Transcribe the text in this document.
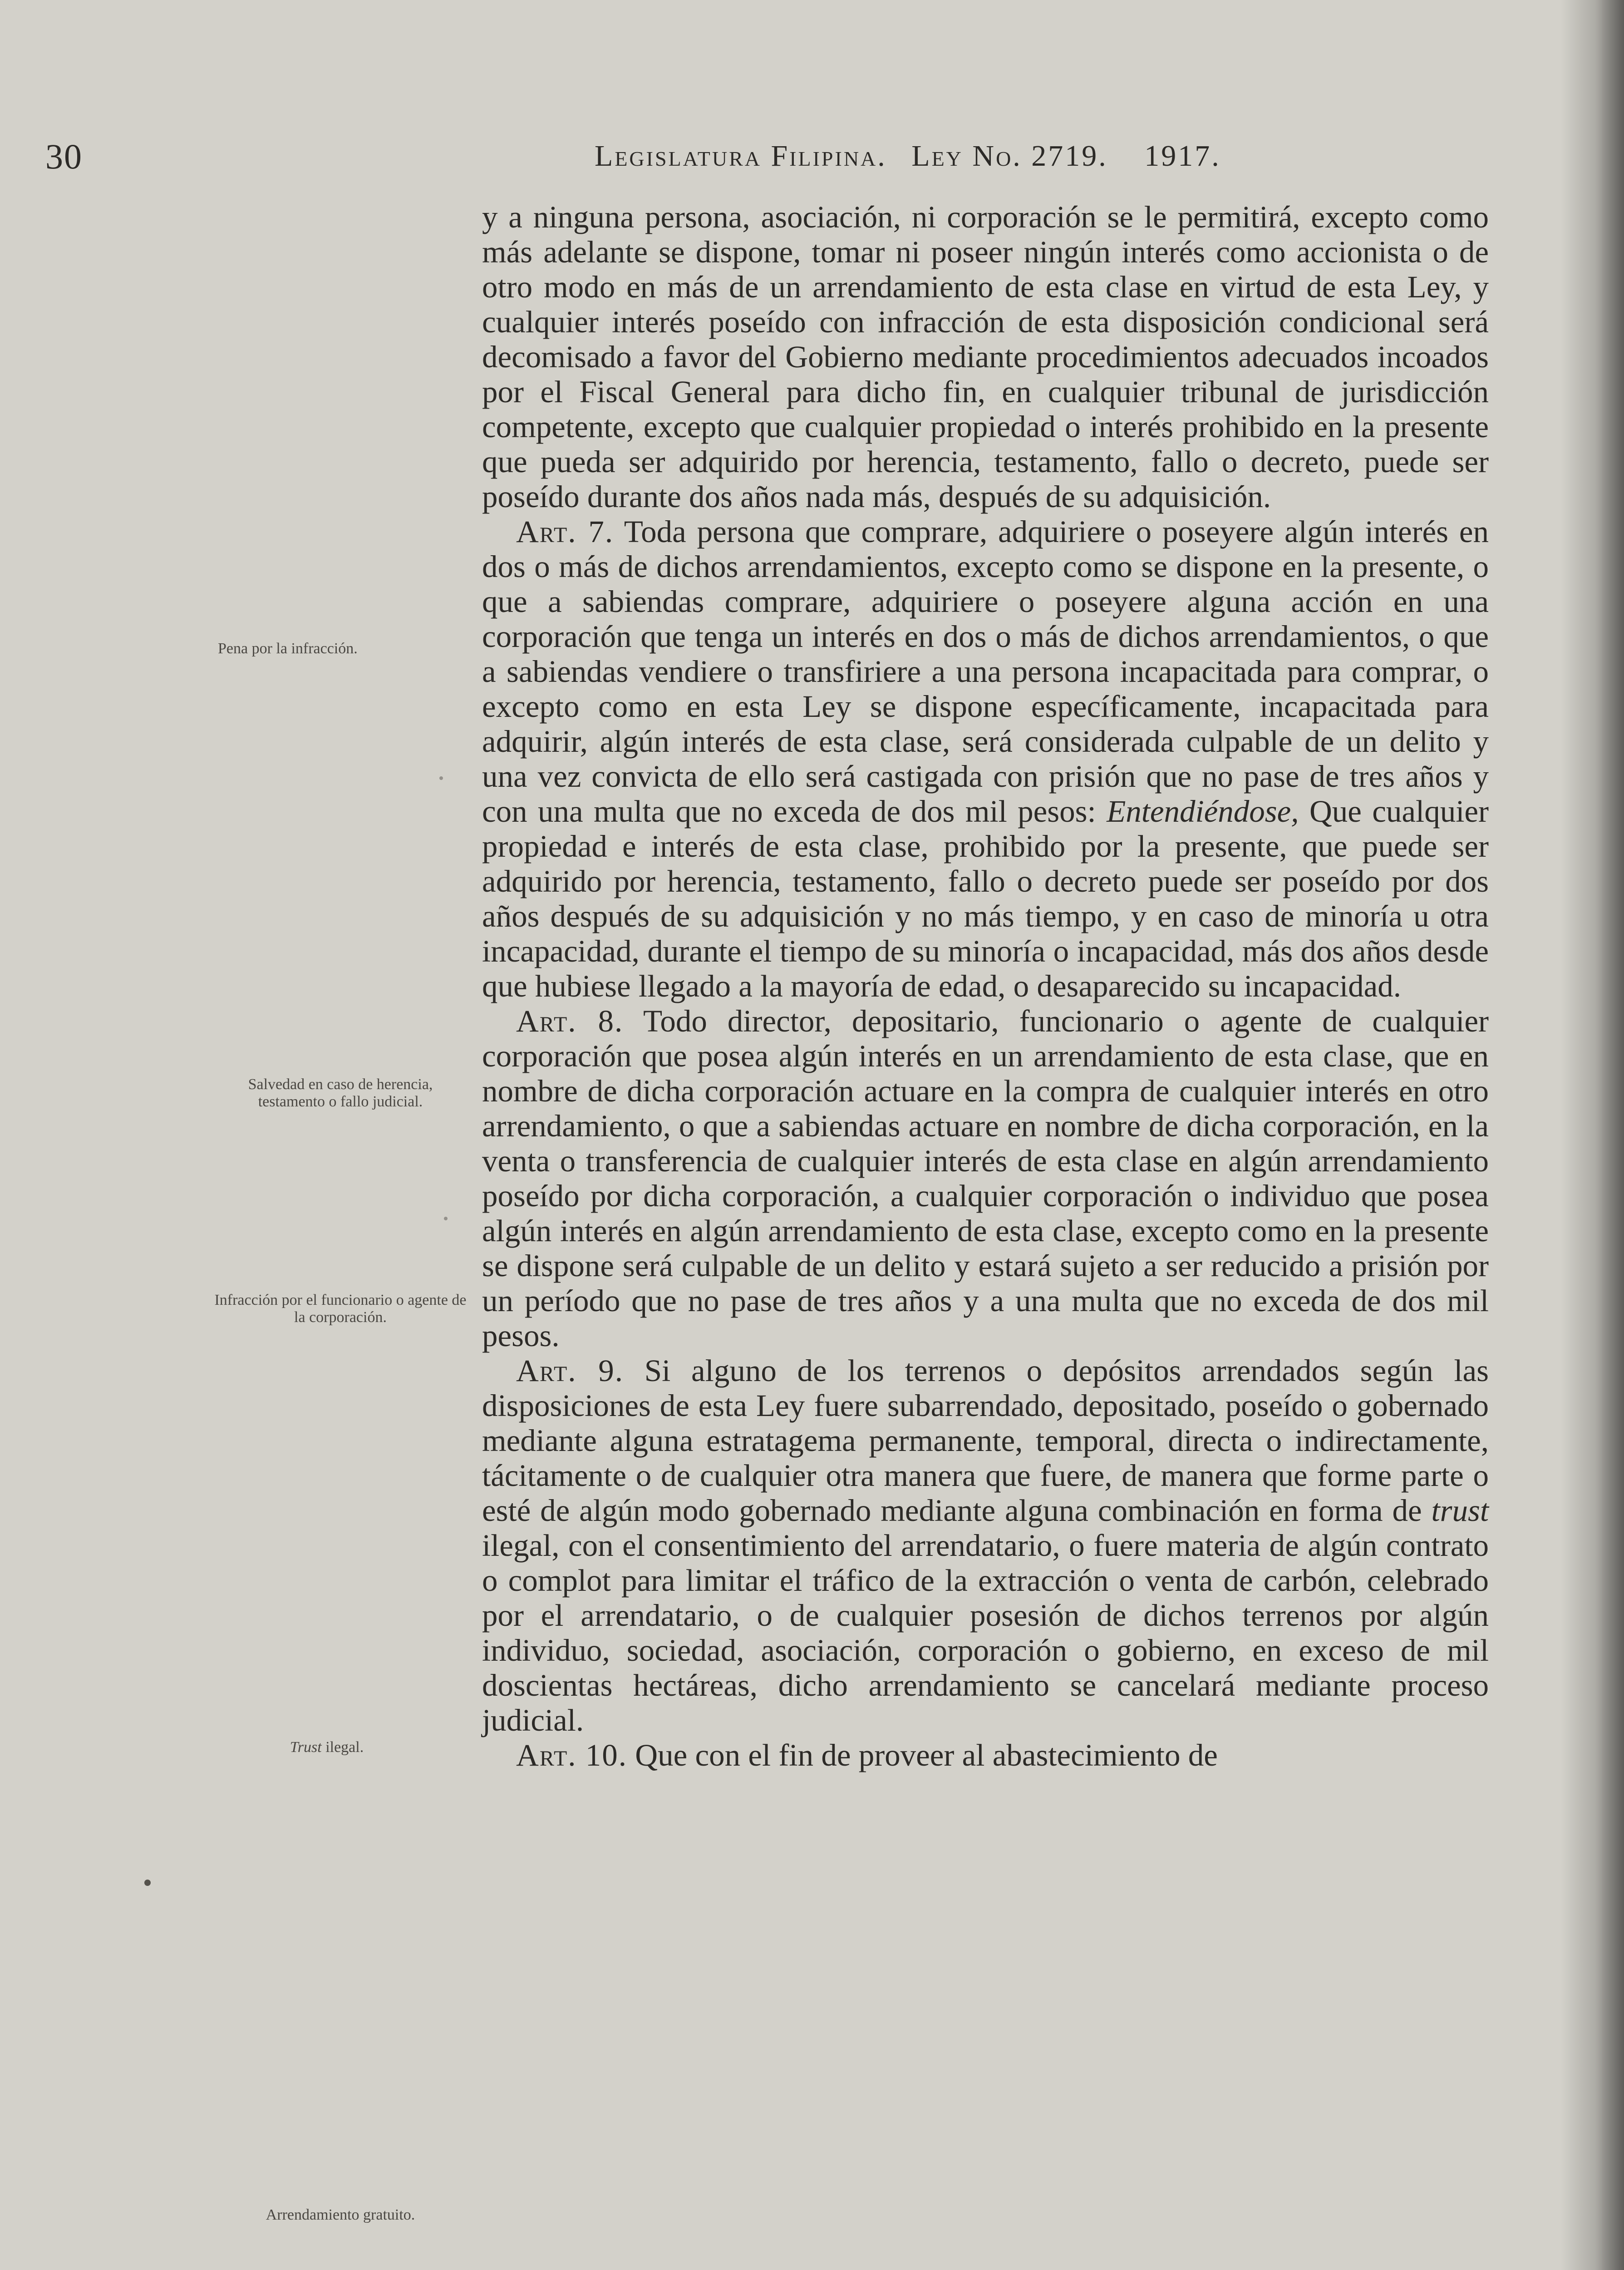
30	Legislatura Filipina. Ley No. 2719. 1917.

y a ninguna persona, asociación, ni corporación se le permitirá, excepto como más adelante se dispone, tomar ni poseer ningún interés como accionista o de otro modo en más de un arrendamiento de esta clase en virtud de esta Ley, y cualquier interés poseído con infracción de esta disposición condicional será decomisado a favor del Gobierno mediante procedimientos adecuados incoados por el Fiscal General para dicho fin, en cualquier tribunal de jurisdicción competente, excepto que cualquier propiedad o interés prohibido en la presente que pueda ser adquirido por herencia, testamento, fallo o decreto, puede ser poseído durante dos años nada más, después de su adquisición.

Art. 7. Toda persona que comprare, adquiriere o poseyere algún interés en dos o más de dichos arrendamientos, excepto como se dispone en la presente, o que a sabiendas comprare, adquiriere o poseyere alguna acción en una corporación que tenga un interés en dos o más de dichos arrendamientos, o que a sabiendas vendiere o transfiriere a una persona incapacitada para comprar, o excepto como en esta Ley se dispone específicamente, incapacitada para adquirir, algún interés de esta clase, será considerada culpable de un delito y una vez convicta de ello será castigada con prisión que no pase de tres años y con una multa que no exceda de dos mil pesos: Entendiéndose, Que cualquier propiedad e interés de esta clase, prohibido por la presente, que puede ser adquirido por herencia, testamento, fallo o decreto puede ser poseído por dos años después de su adquisición y no más tiempo, y en caso de minoría u otra incapacidad, durante el tiempo de su minoría o incapacidad, más dos años desde que hubiese llegado a la mayoría de edad, o desaparecido su incapacidad.

Art. 8. Todo director, depositario, funcionario o agente de cualquier corporación que posea algún interés en un arrendamiento de esta clase, que en nombre de dicha corporación actuare en la compra de cualquier interés en otro arrendamiento, o que a sabiendas actuare en nombre de dicha corporación, en la venta o transferencia de cualquier interés de esta clase en algún arrendamiento poseído por dicha corporación, a cualquier corporación o individuo que posea algún interés en algún arrendamiento de esta clase, excepto como en la presente se dispone será culpable de un delito y estará sujeto a ser reducido a prisión por un período que no pase de tres años y a una multa que no exceda de dos mil pesos.

Art. 9. Si alguno de los terrenos o depósitos arrendados según las disposiciones de esta Ley fuere subarrendado, depositado, poseído o gobernado mediante alguna estratagema permanente, temporal, directa o indirectamente, tácitamente o de cualquier otra manera que fuere, de manera que forme parte o esté de algún modo gobernado mediante alguna combinación en forma de trust ilegal, con el consentimiento del arrendatario, o fuere materia de algún contrato o complot para limitar el tráfico de la extracción o venta de carbón, celebrado por el arrendatario, o de cualquier posesión de dichos terrenos por algún individuo, sociedad, asociación, corporación o gobierno, en exceso de mil doscientas hectáreas, dicho arrendamiento se cancelará mediante proceso judicial.

Art. 10. Que con el fin de proveer al abastecimiento de

Pena por la infracción.
Salvedad en caso de herencia, testamento o fallo judicial.
Infracción por el funcionario o agente de la corporación.
Trust ilegal.
Arrendamiento gratuito.
